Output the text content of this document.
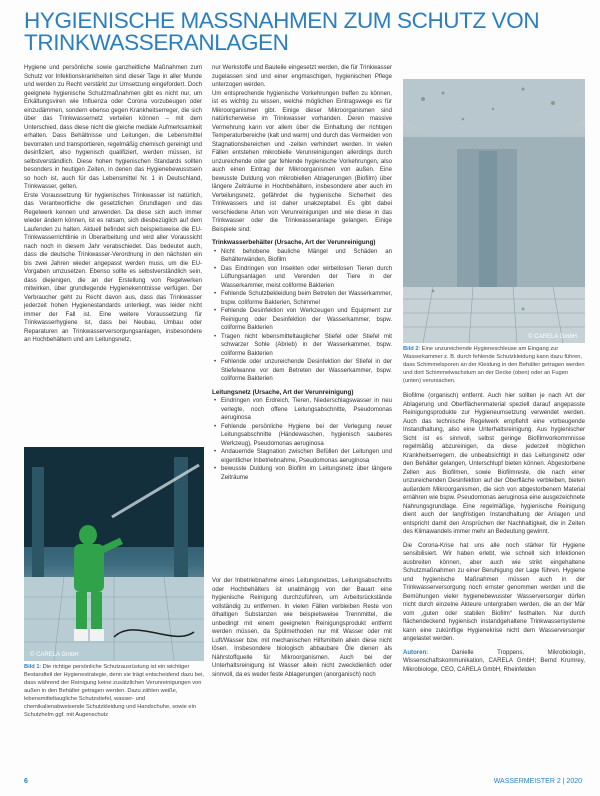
HYGIENISCHE MASSNAHMEN ZUM SCHUTZ VON TRINKWASSERANLAGEN

Hygiene und persönliche sowie ganzheitliche Maßnahmen zum Schutz vor Infektionskrankheiten sind dieser Tage in aller Munde und werden zu Recht verstärkt zur Umsetzung eingefordert. Doch geeignete hygienische Schutzmaßnahmen gibt es nicht nur, um Erkältungsviren wie Influenza oder Corona vorzubeugen oder einzudämmen, sondern ebenso gegen Krankheitserreger, die sich über das Trinkwassernetz verteilen können – mit dem Unterschied, dass diese nicht die gleiche mediale Aufmerksamkeit erhalten. Dass Behältnisse und Leitungen, die Lebensmittel bevorraten und transportieren, regelmäßig chemisch gereinigt und desinfiziert, also hygienisch qualifiziert, werden müssen, ist selbstverständlich. Diese hohen hygienischen Standards sollten besonders in heutigen Zeiten, in denen das Hygienebewusstsein so hoch ist, auch für das Lebensmittel Nr. 1 in Deutschland, Trinkwasser, gelten.

Erste Voraussetzung für hygienisches Trinkwasser ist natürlich, das Verantwortliche die gesetzlichen Grundlagen und das Regelwerk kennen und anwenden. Da diese sich auch immer wieder ändern können, ist es ratsam, sich diesbezüglich auf dem Laufenden zu halten. Aktuell befindet sich beispielsweise die EU-Trinkwasserrichtlinie in Überarbeitung und wird aller Voraussicht nach noch in diesem Jahr verabschiedet. Das bedeutet auch, dass die deutsche Trinkwasser-Verordnung in den nächsten ein bis zwei Jahren wieder angepasst werden muss, um die EU-Vorgaben umzusetzen. Ebenso sollte es selbstverständlich sein, dass diejenigen, die an der Erstellung von Regelwerken mitwirken, über grundlegende Hygienekenntnisse verfügen. Der Verbraucher geht zu Recht davon aus, dass das Trinkwasser jederzeit hohen Hygienestandards unterliegt, was leider nicht immer der Fall ist. Eine weitere Voraussetzung für Trinkwasserhygiene ist, dass bei Neubau, Umbau oder Reparaturen an Trinkwasserversorgungsanlagen, insbesondere an Hochbehältern und am Leitungsnetz,

nur Werkstoffe und Bauteile eingesetzt werden, die für Trinkwasser zugelassen sind und einer engmaschigen, hygienischen Pflege unterzogen werden.

Um entsprechende hygienische Vorkehrungen treffen zu können, ist es wichtig zu wissen, welche möglichen Eintragswege es für Mikroorganismen gibt. Einige dieser Mikroorganismen sind natürlicherweise im Trinkwasser vorhanden. Deren massive Vermehrung kann vor allem über die Einhaltung der richtigen Temperaturbereiche (kalt und warm) und durch das Vermeiden von Stagnationsbereichen und -zeiten verhindert werden. In vielen Fällen entstehen mikrobielle Verunreinigungen allerdings durch unzureichende oder gar fehlende hygienische Vorkehrungen, also auch einen Eintrag der Mikroorganismen von außen. Eine bewusste Duldung von mikrobiellen Ablagerungen (Biofilm) über längere Zeiträume in Hochbehältern, insbesondere aber auch im Verteilungsnetz, gefährdet die hygienische Sicherheit des Trinkwassers und ist daher unakzeptabel. Es gibt dabei verschiedene Arten von Verunreinigungen und wie diese in das Trinkwasser oder die Trinkwasseranlage gelangen. Einige Beispiele sind:

Trinkwasserbehälter (Ursache, Art der Verunreinigung)

• Nicht behobene bauliche Mängel und Schäden an Behälterwänden, Biofilm
• Das Eindringen von Insekten oder wirbellosen Tieren durch Lüftungsanlagen und Verenden der Tiere in der Wasserkammer, meist coliforme Bakterien
• Fehlende Schutzbekleidung beim Betreten der Wasserkammer, bspw. coliforme Bakterien, Schimmel
• Fehlende Desinfektion von Werkzeugen und Equipment zur Reinigung oder Desinfektion der Wasserkammer, bspw. coliforme Bakterien
• Tragen nicht lebensmitteltauglicher Stiefel oder Stiefel mit schwarzer Sohle (Abrieb) in der Wasserkammer, bspw. coliforme Bakterien
• Fehlende oder unzureichende Desinfektion der Stiefel in der Stiefelwanne vor dem Betreten der Wasserkammer, bspw. coliforme Bakterien

Leitungsnetz (Ursache, Art der Verunreinigung)

• Eindringen von Erdreich, Tieren, Niederschlagswasser in neu verlegte, noch offene Leitungsabschnitte, Pseudomonas aeruginosa
• Fehlende persönliche Hygiene bei der Verlegung neuer Leitungsabschnitte (Händewaschen, hygienisch sauberes Werkzeug), Pseudomonas aeruginosa
• Andauernde Stagnation zwischen Befüllen der Leitungen und eigentlicher Inbetriebnahme, Pseudomonas aeruginosa
• bewusste Duldung von Biofilm im Leitungsnetz über längere Zeiträume

Vor der Inbetriebnahme eines Leitungsnetzes, Leitungsabschnitts oder Hochbehälters ist unabhängig von der Bauart eine hygienische Reinigung durchzuführen, um Arbeitsrückstände vollständig zu entfernen. In vielen Fällen verbleiben Reste von ölhaltigen Substanzen wie beispielsweise Trennmittel, die unbedingt mit einem geeigneten Reinigungsprodukt entfernt werden müssen, da Spülmethoden nur mit Wasser oder mit Luft/Wasser bzw. mit mechanischen Hilfsmitteln allein diese nicht lösen. Insbesondere biologisch abbaubare Öle dienen als Nährstoffquelle für Mikroorganismen. Auch bei der Unterhaltsreinigung ist Wasser allein nicht zweckdienlich oder sinnvoll, da es weder feste Ablagerungen (anorganisch) noch

© CARELA GmbH
Bild 2: Eine unzureichende Hygieneschleuse am Eingang zur Wasserkammer z. B. durch fehlende Schutzkleidung kann dazu führen, dass Schimmelsporen an der Kleidung in den Behälter getragen werden und dort Schimmelwachstum an der Decke (oben) oder an Fugen (unten) verursachen.

Biofilme (organisch) entfernt. Auch hier sollten je nach Art der Ablagerung und Oberflächenmaterial speziell darauf angepasste Reinigungsprodukte zur Hygieneumsetzung verwendet werden. Auch das technische Regelwerk empfiehlt eine vorbeugende Instandhaltung, also eine Unterhaltsreinigung. Aus hygienischer Sicht ist es sinnvoll, selbst geringe Biofilmvorkommnisse regelmäßig abzureinigen, da diese jederzeit möglichen Krankheitserregern, die unbeabsichtigt in das Leitungsnetz oder den Behälter gelangen, Unterschlupf bieten können. Abgestorbene Zellen aus Biofilmen, sowie Biofilmreste, die nach einer unzureichenden Desinfektion auf der Oberfläche verbleiben, bieten außerdem Mikroorganismen, die sich von abgestorbenem Material ernähren wie bspw. Pseudomonas aeruginosa eine ausgezeichnete Nahrungsgrundlage. Eine regelmäßige, hygienische Reinigung dient auch der langfristigen Instandhaltung der Anlagen und entspricht damit den Ansprüchen der Nachhaltigkeit, die in Zeiten des Klimawandels immer mehr an Bedeutung gewinnt.

Die Corona-Krise hat uns alle noch stärker für Hygiene sensibilisiert. Wir haben erlebt, wie schnell sich Infektionen ausbreiten können, aber auch wie strikt eingehaltene Schutzmaßnahmen zu einer Beruhigung der Lage führen. Hygiene und hygienische Maßnahmen müssen auch in der Trinkwasserversorgung noch ernster genommen werden und die Bemühungen vieler hygienebewusster Wasserversorger dürfen nicht durch einzelne Akteure untergraben werden, die an der Mär vom „guten oder stabilen Biofilm“ festhalten. Nur durch flächendeckend hygienisch instandgehaltene Trinkwassersysteme kann eine zukünftige Hygienekrise nicht dem Wasserversorger angelastet werden.

Autoren: Danielle Troppens, Mikrobiologin, Wissenschaftskommunikation, CARELA GmbH; Bernd Krumrey, Mikrobiologe, CEO, CARELA GmbH, Rheinfelden

© CARELA GmbH
Bild 1: Die richtige persönliche Schutzausrüstung ist ein wichtiger Bestandteil der Hygienestrategie, denn sie trägt entscheidend dazu bei, dass während der Reinigung keine zusätzlichen Verunreinigungen von außen in den Behälter getragen werden. Dazu zählen weiße, lebensmitteltaugliche Schutzstiefel, wasser- und chemikalienabweisende Schutzkleidung und Handschuhe, sowie ein Schutzhelm ggf. mit Augenschutz
6	WASSERMEISTER 2 | 2020
